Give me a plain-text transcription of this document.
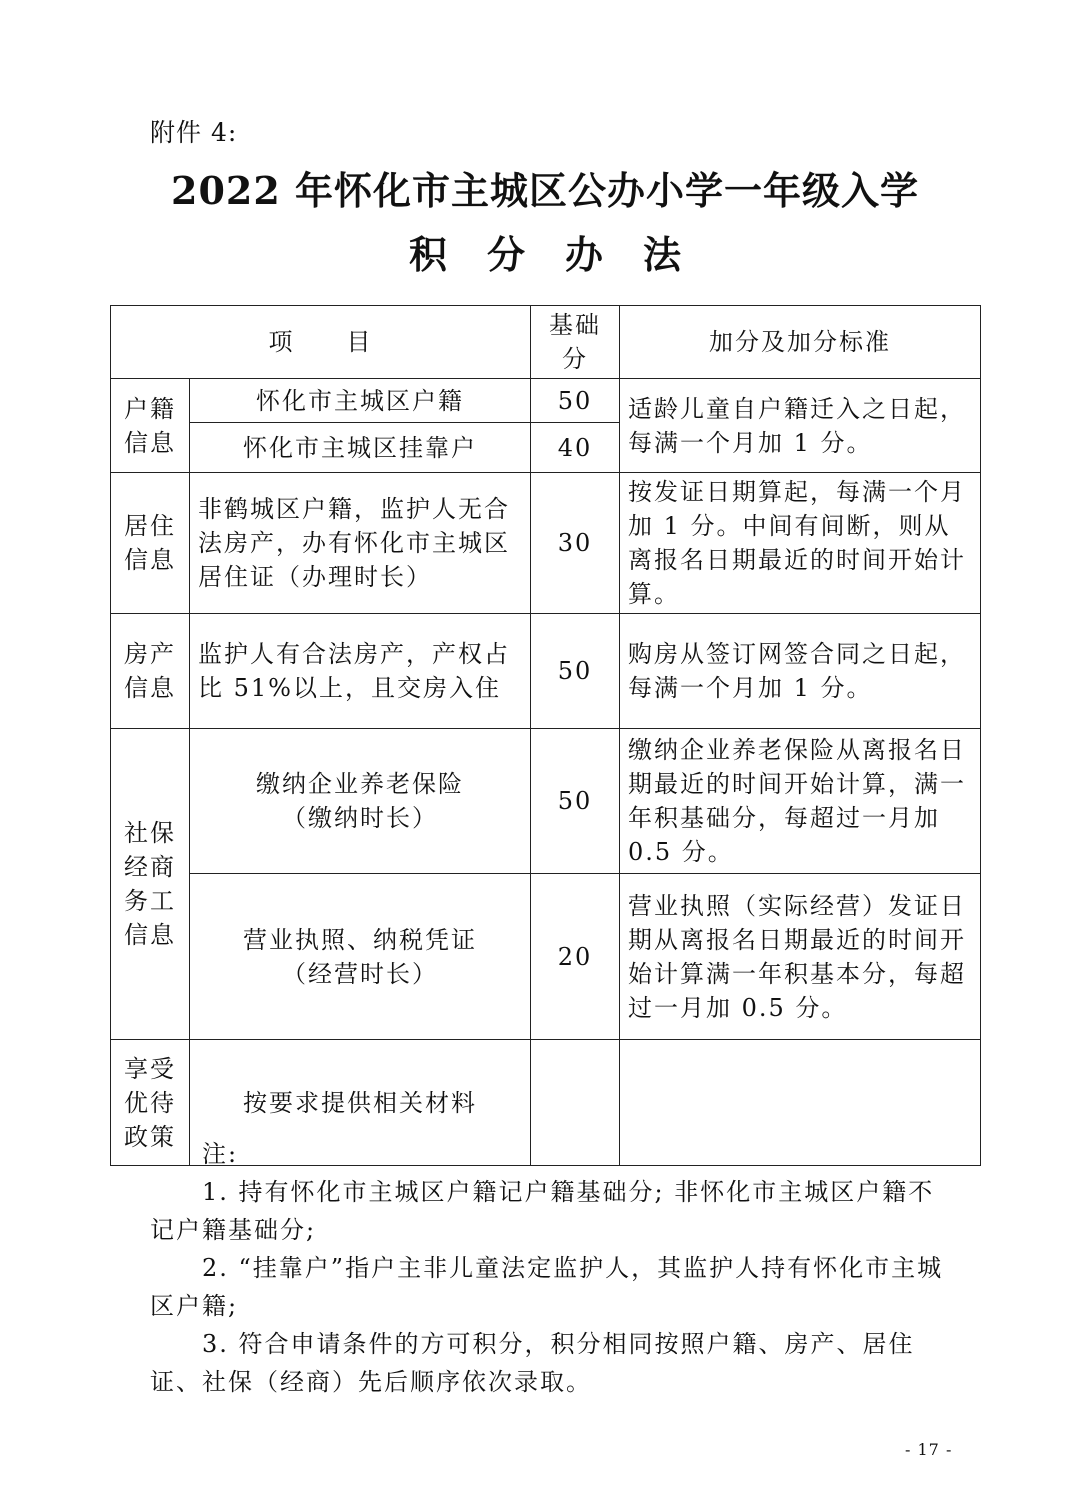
附件 4:
2022 年怀化市主城区公办小学一年级入学
积分办法
项　　目		基础分	加分及加分标准
户籍信息	怀化市主城区户籍	50	适龄儿童自户籍迁入之日起，每满一个月加 1 分。
	怀化市主城区挂靠户	40	
居住信息	非鹤城区户籍，监护人无合法房产，办有怀化市主城区居住证（办理时长）	30	按发证日期算起，每满一个月加 1 分。中间有间断，则从离报名日期最近的时间开始计算。
房产信息	监护人有合法房产，产权占比 51%以上，且交房入住	50	购房从签订网签合同之日起，每满一个月加 1 分。
社保经商务工信息	缴纳企业养老保险
（缴纳时长）	50	缴纳企业养老保险从离报名日期最近的时间开始计算，满一年积基础分，每超过一月加 0.5 分。

	营业执照、纳税凭证
（经营时长）	20	营业执照（实际经营）发证日期从离报名日期最近的时间开始计算满一年积基本分，每超过一月加 0.5 分。
享受优待政策	按要求提供相关材料		

注:

1. 持有怀化市主城区户籍记户籍基础分; 非怀化市主城区户籍不记户籍基础分;

2. “挂靠户”指户主非儿童法定监护人，其监护人持有怀化市主城区户籍;

3. 符合申请条件的方可积分，积分相同按照户籍、房产、居住证、社保（经商）先后顺序依次录取。

- 17 -
